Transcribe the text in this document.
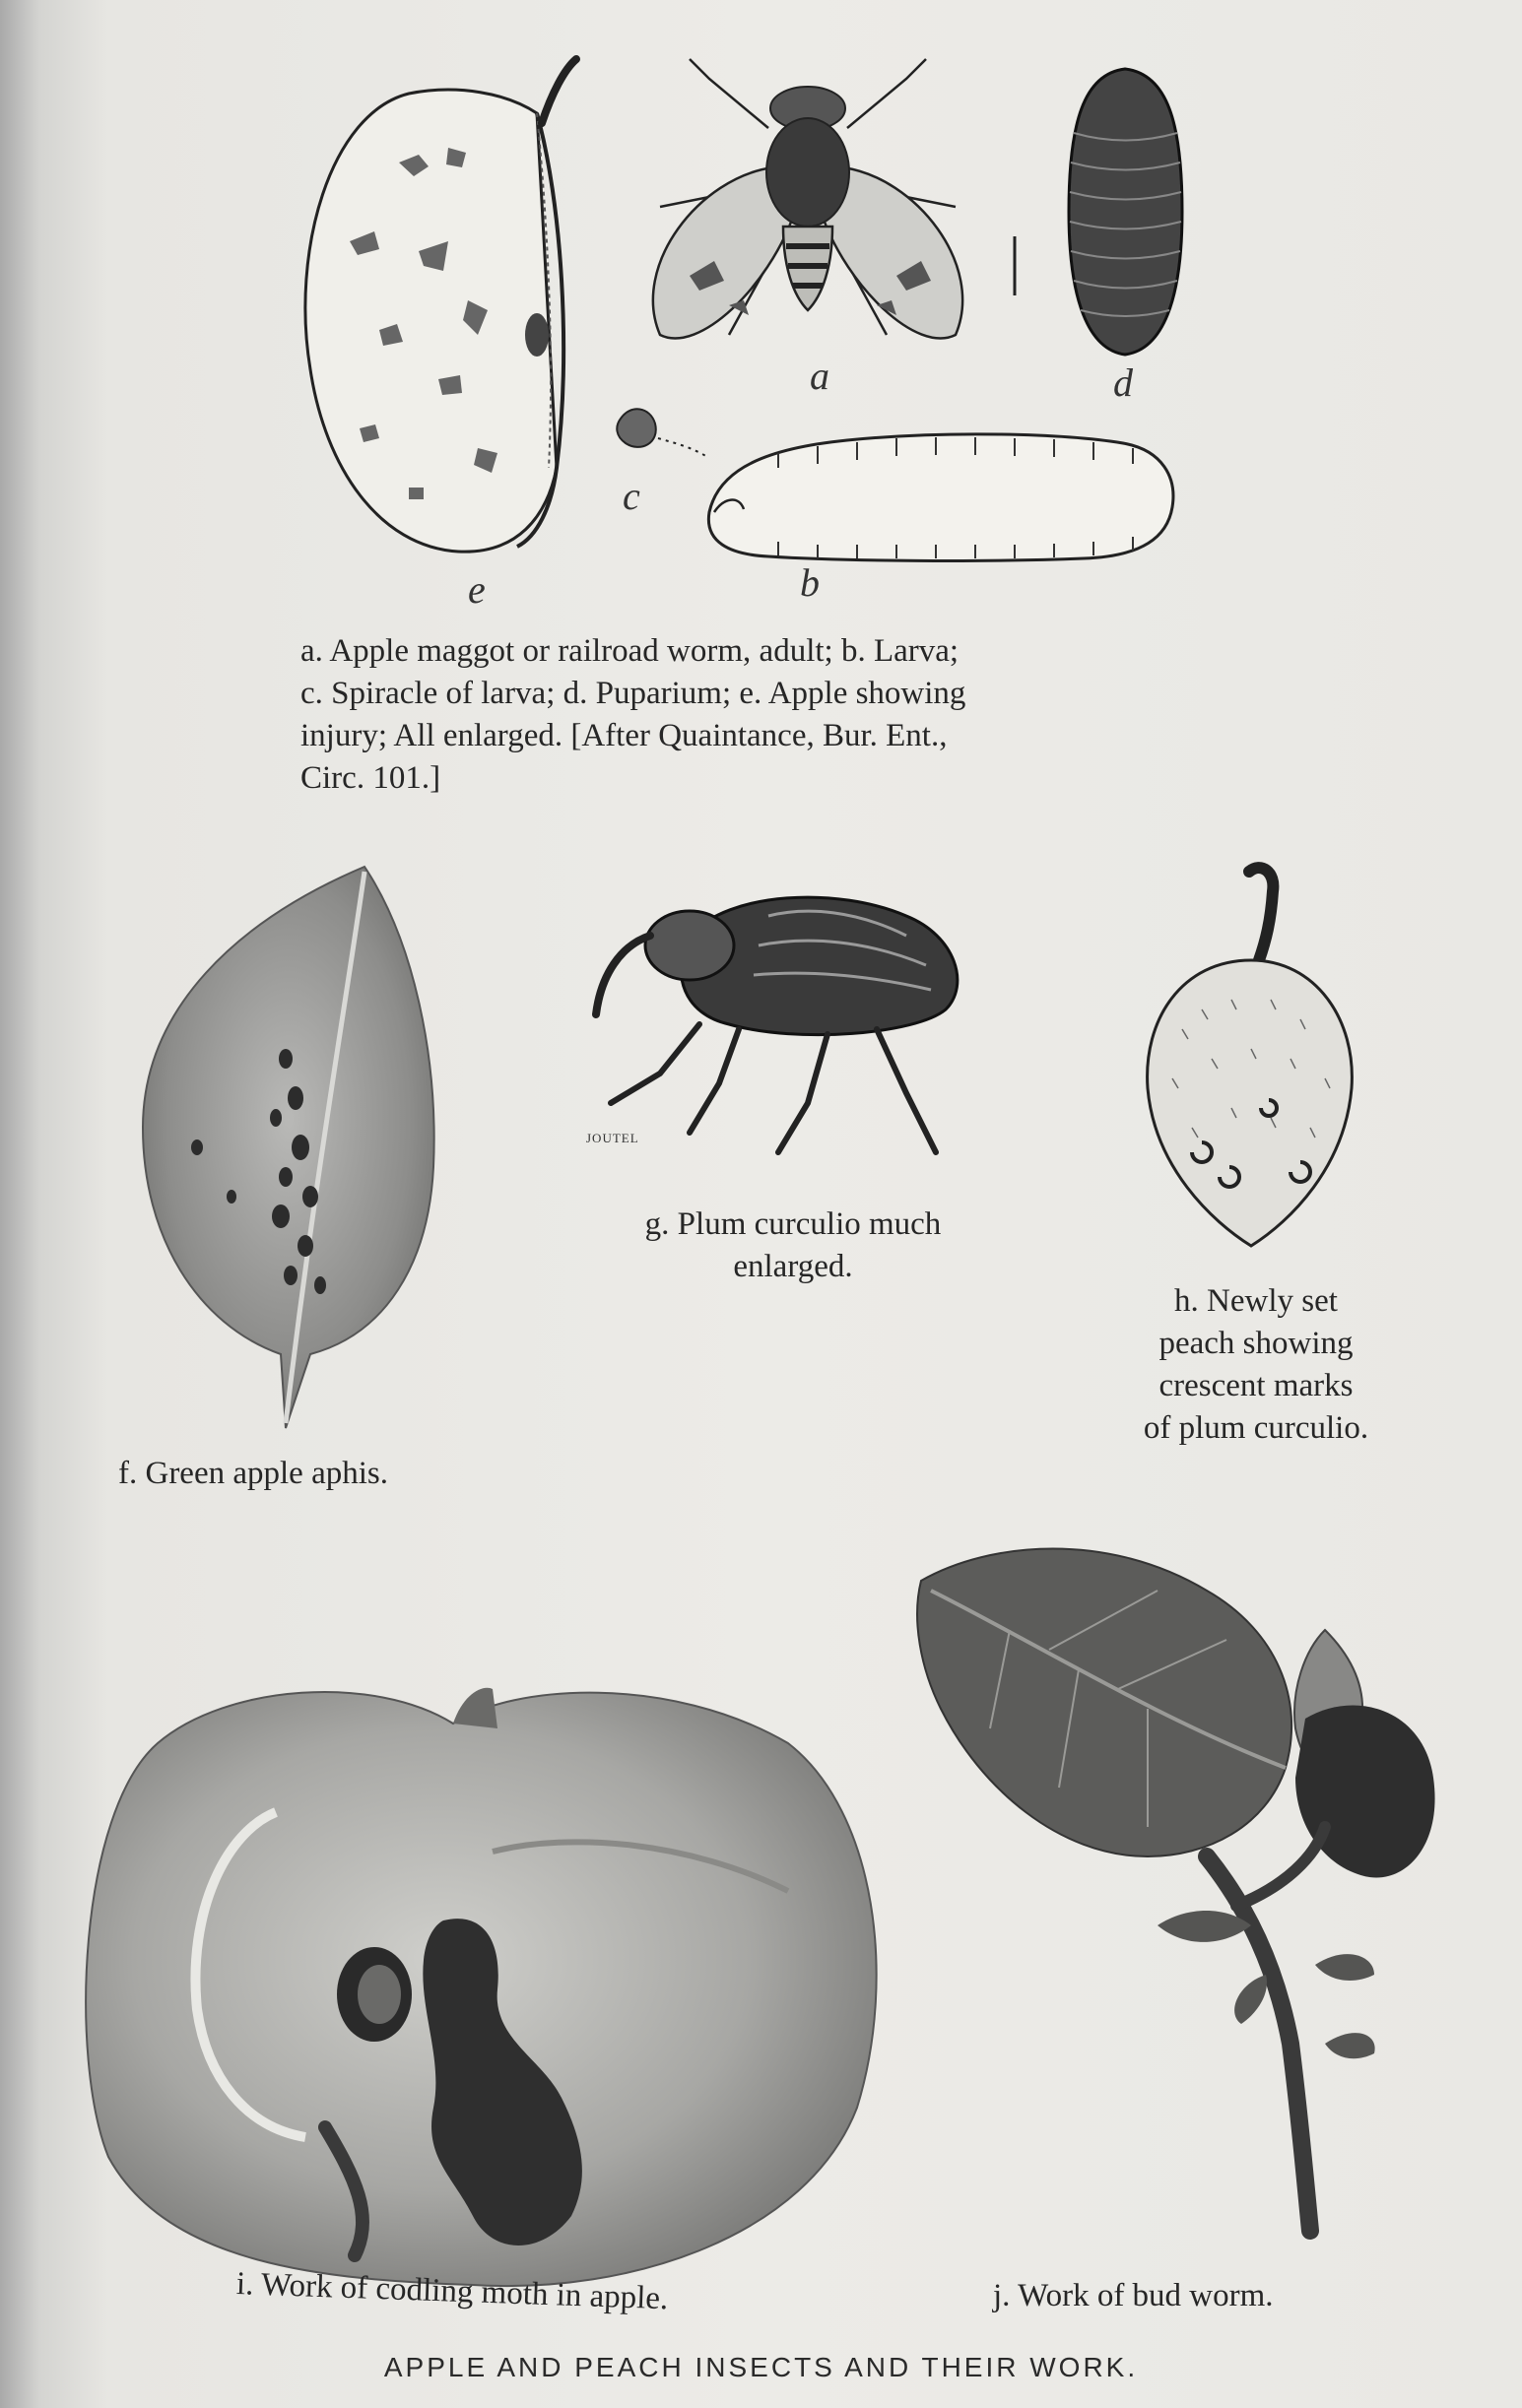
e
a	d
c
b
a. Apple maggot or railroad worm, adult; b. Larva;
c. Spiracle of larva; d. Puparium; e. Apple showing
injury; All enlarged. [After Quaintance, Bur. Ent.,
Circ. 101.]
f. Green apple aphis.
JOUTEL
g. Plum curculio much
enlarged.
h. Newly set
peach showing
crescent marks
of plum curculio.
i. Work of codling moth in apple.	j. Work of bud worm.
APPLE AND PEACH INSECTS AND THEIR WORK.
